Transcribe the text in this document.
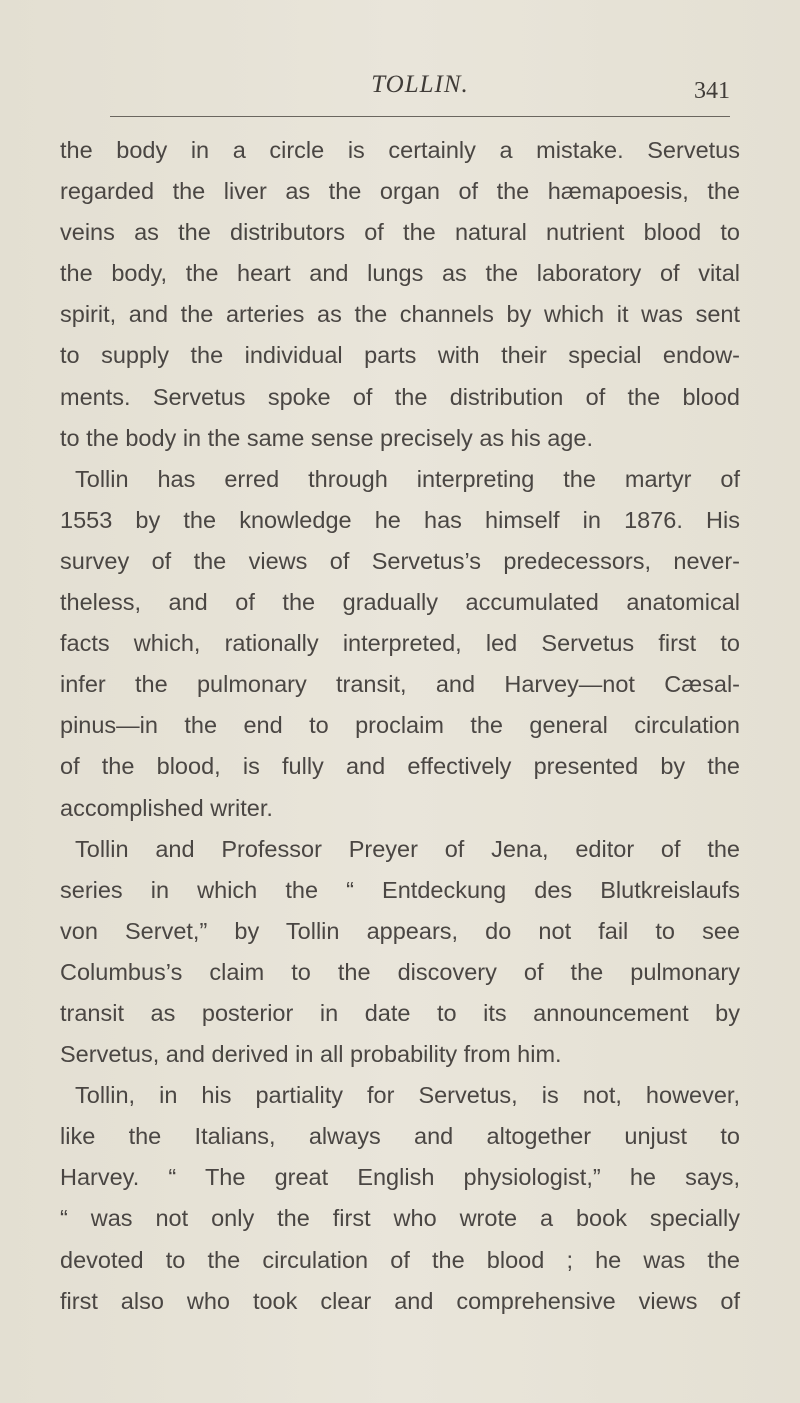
TOLLIN.	341
the body in a circle is certainly a mistake. Servetus
regarded the liver as the organ of the hæmapoesis, the
veins as the distributors of the natural nutrient blood to
the body, the heart and lungs as the laboratory of vital
spirit, and the arteries as the channels by which it was sent
to supply the individual parts with their special endow-
ments. Servetus spoke of the distribution of the blood
to the body in the same sense precisely as his age.
Tollin has erred through interpreting the martyr of
1553 by the knowledge he has himself in 1876. His
survey of the views of Servetus’s predecessors, never-
theless, and of the gradually accumulated anatomical
facts which, rationally interpreted, led Servetus first to
infer the pulmonary transit, and Harvey—not Cæsal-
pinus—in the end to proclaim the general circulation
of the blood, is fully and effectively presented by the
accomplished writer.
Tollin and Professor Preyer of Jena, editor of the
series in which the “ Entdeckung des Blutkreislaufs
von Servet,” by Tollin appears, do not fail to see
Columbus’s claim to the discovery of the pulmonary
transit as posterior in date to its announcement by
Servetus, and derived in all probability from him.
Tollin, in his partiality for Servetus, is not, however,
like the Italians, always and altogether unjust to
Harvey. “ The great English physiologist,” he says,
“ was not only the first who wrote a book specially
devoted to the circulation of the blood ; he was the
first also who took clear and comprehensive views of
